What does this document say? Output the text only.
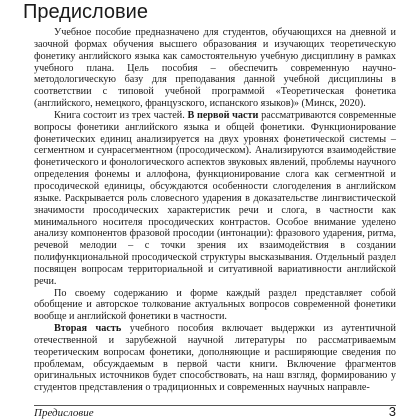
Предисловие

Учебное пособие предназначено для студентов, обучающихся на дневной и заочной формах обучения высшего образования и изучающих теоретическую фонетику английского языка как самостоятельную учебную дисциплину в рамках учебного плана. Цель пособия – обеспечить современную научно-методологическую базу для преподавания данной учебной дисциплины в соответствии с типовой учебной программой «Теоретическая фонетика (английского, немецкого, французского, испанского языков)» (Минск, 2020).

Книга состоит из трех частей. В первой части рассматриваются современные вопросы фонетики английского языка и общей фонетики. Функционирование фонетических единиц анализируется на двух уровнях фонетической системы – сегментном и сунрасегментном (просодическом). Анализируются взаимодействие фонетического и фонологического аспектов звуковых явлений, проблемы научного определения фонемы и аллофона, функционирование слога как сегментной и просодической единицы, обсуждаются особенности слогоделения в английском языке. Раскрывается роль словесного ударения в доказательстве лингвистической значимости просодических характеристик речи и слога, в частности как минимального носителя просодических контрастов. Особое внимание уделено анализу компонентов фразовой просодии (интонации): фразового ударения, ритма, речевой мелодии – с точки зрения их взаимодействия в создании полифункциональной просодической структуры высказывания. Отдельный раздел посвящен вопросам территориальной и ситуативной вариативности английской речи.

По своему содержанию и форме каждый раздел представляет собой обобщение и авторское толкование актуальных вопросов современной фонетики вообще и английской фонетики в частности.

Вторая часть учебного пособия включает выдержки из аутентичной отечественной и зарубежной научной литературы по рассматриваемым теоретическим вопросам фонетики, дополняющие и расширяющие сведения по проблемам, обсуждаемым в первой части книги. Включение фрагментов оригинальных источников будет способствовать, на наш взгляд, формированию у студентов представления о традиционных и современных научных направле-

Предисловие	3
